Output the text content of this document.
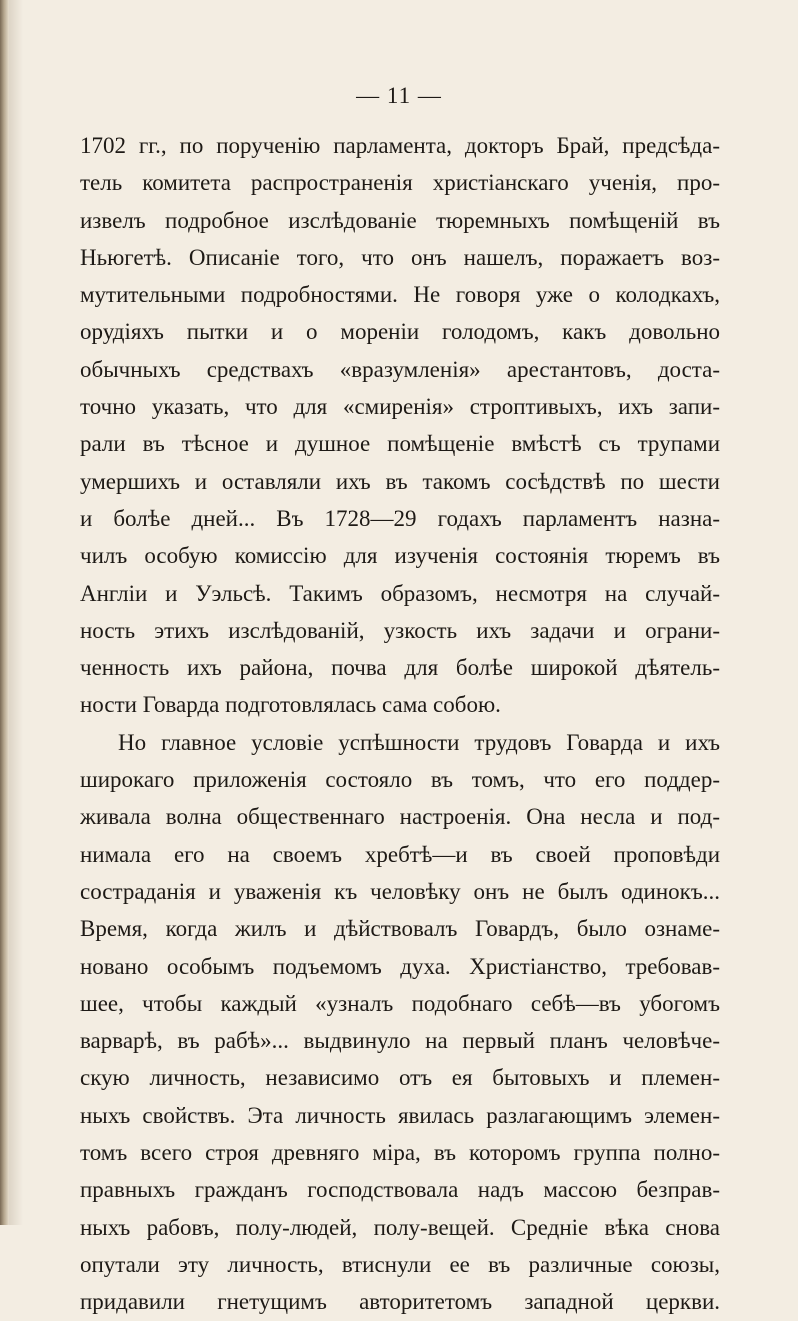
— 11 —
1702 гг., по порученію парламента, докторъ Брай, предсѣда-
тель комитета распространенія христіанскаго ученія, про-
извелъ подробное изслѣдованіе тюремныхъ помѣщеній въ
Ньюгетѣ. Описаніе того, что онъ нашелъ, поражаетъ воз-
мутительными подробностями. Не говоря уже о колодкахъ,
орудіяхъ пытки и о мореніи голодомъ, какъ довольно
обычныхъ средствахъ «вразумленія» арестантовъ, доста-
точно указать, что для «смиренія» строптивыхъ, ихъ запи-
рали въ тѣсное и душное помѣщеніе вмѣстѣ съ трупами
умершихъ и оставляли ихъ въ такомъ сосѣдствѣ по шести
и болѣе дней... Въ 1728—29 годахъ парламентъ назна-
чилъ особую комиссію для изученія состоянія тюремъ въ
Англіи и Уэльсѣ. Такимъ образомъ, несмотря на случай-
ность этихъ изслѣдованій, узкость ихъ задачи и ограни-
ченность ихъ района, почва для болѣе широкой дѣятель-
ности Говарда подготовлялась сама собою.
Но главное условіе успѣшности трудовъ Говарда и ихъ
широкаго приложенія состояло въ томъ, что его поддер-
живала волна общественнаго настроенія. Она несла и под-
нимала его на своемъ хребтѣ—и въ своей проповѣди
состраданія и уваженія къ человѣку онъ не былъ одинокъ...
Время, когда жилъ и дѣйствовалъ Говардъ, было ознаме-
новано особымъ подъемомъ духа. Христіанство, требовав-
шее, чтобы каждый «узналъ подобнаго себѣ—въ убогомъ
варварѣ, въ рабѣ»... выдвинуло на первый планъ человѣче-
скую личность, независимо отъ ея бытовыхъ и племен-
ныхъ свойствъ. Эта личность явилась разлагающимъ элемен-
томъ всего строя древняго міра, въ которомъ группа полно-
правныхъ гражданъ господствовала надъ массою безправ-
ныхъ рабовъ, полу-людей, полу-вещей. Средніе вѣка снова
опутали эту личность, втиснули ее въ различные союзы,
придавили гнетущимъ авторитетомъ западной церкви.
